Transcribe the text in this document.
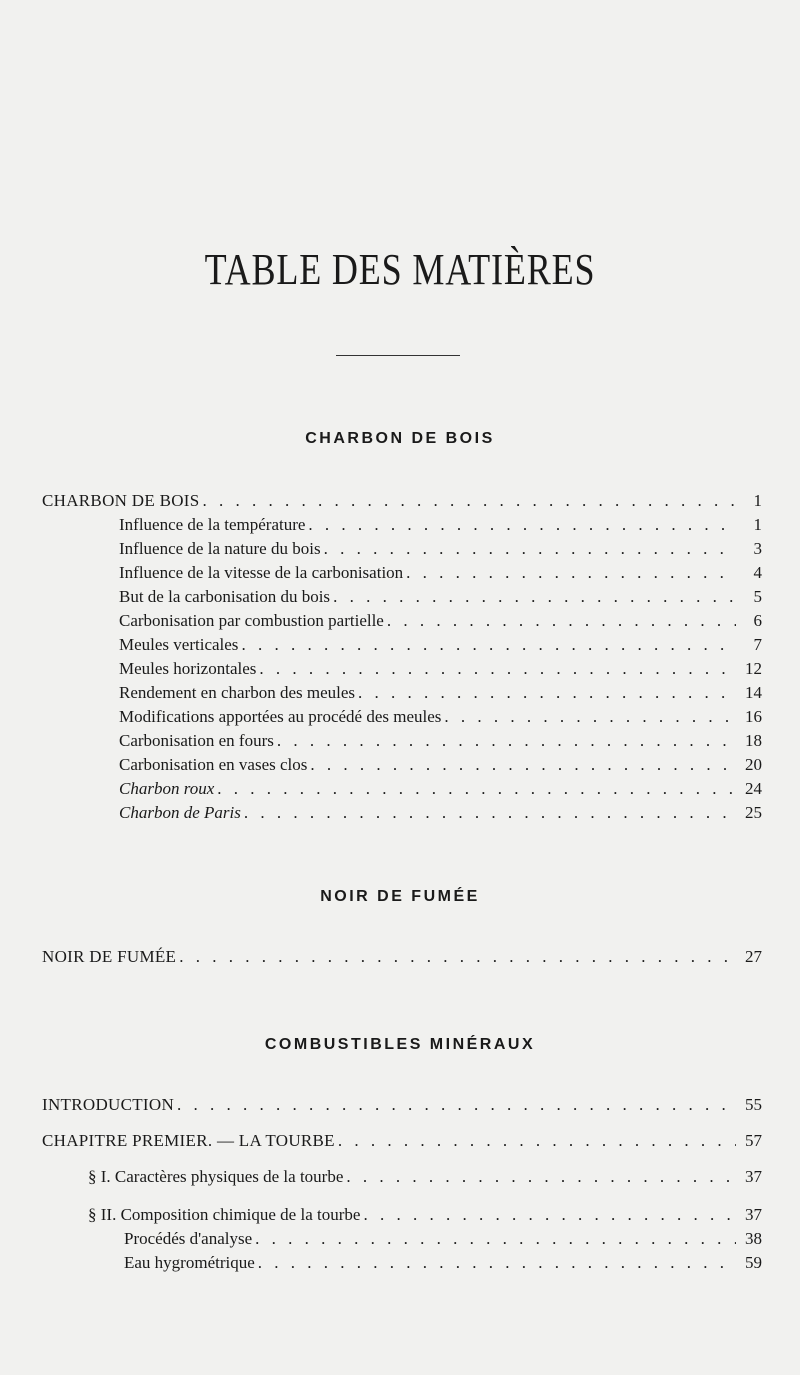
TABLE DES MATIÈRES
CHARBON DE BOIS
CHARBON DE BOIS . . .	1
Influence de la température . . .	1
Influence de la nature du bois . . .	3
Influence de la vitesse de la carbonisation . . .	4
But de la carbonisation du bois . . .	5
Carbonisation par combustion partielle . . .	6
Meules verticales . . .	7
Meules horizontales . . .	12
Rendement en charbon des meules . . .	14
Modifications apportées au procédé des meules . . .	16
Carbonisation en fours . . .	18
Carbonisation en vases clos . . .	20
Charbon roux . . .	24
Charbon de Paris . . .	25
NOIR DE FUMÉE
NOIR DE FUMÉE . . .	27
COMBUSTIBLES MINÉRAUX
INTRODUCTION . . .	55
CHAPITRE PREMIER. — LA TOURBE . . .	57
§ I. Caractères physiques de la tourbe . . .	37
§ II. Composition chimique de la tourbe . . .	37
Procédés d'analyse . . .	38
Eau hygrométrique . . .	59
